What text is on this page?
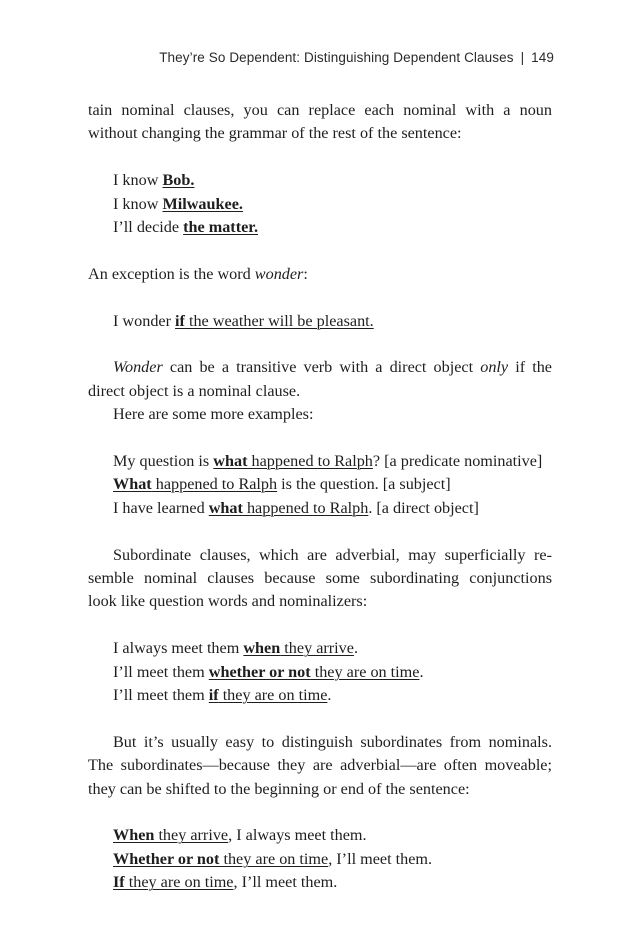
They’re So Dependent: Distinguishing Dependent Clauses | 149

tain nominal clauses, you can replace each nominal with a noun

without changing the grammar of the rest of the sentence:

I know Bob.

I know Milwaukee.

I’ll decide the matter.

An exception is the word wonder:

I wonder if the weather will be pleasant.

Wonder can be a transitive verb with a direct object only if the

direct object is a nominal clause.

Here are some more examples:

My question is what happened to Ralph? [a predicate nominative]

What happened to Ralph is the question. [a subject]

I have learned what happened to Ralph. [a direct object]

Subordinate clauses, which are adverbial, may superficially re-

semble nominal clauses because some subordinating conjunctions

look like question words and nominalizers:

I always meet them when they arrive.

I’ll meet them whether or not they are on time.

I’ll meet them if they are on time.

But it’s usually easy to distinguish subordinates from nominals.

The subordinates—because they are adverbial—are often moveable;

they can be shifted to the beginning or end of the sentence:

When they arrive, I always meet them.

Whether or not they are on time, I’ll meet them.

If they are on time, I’ll meet them.
